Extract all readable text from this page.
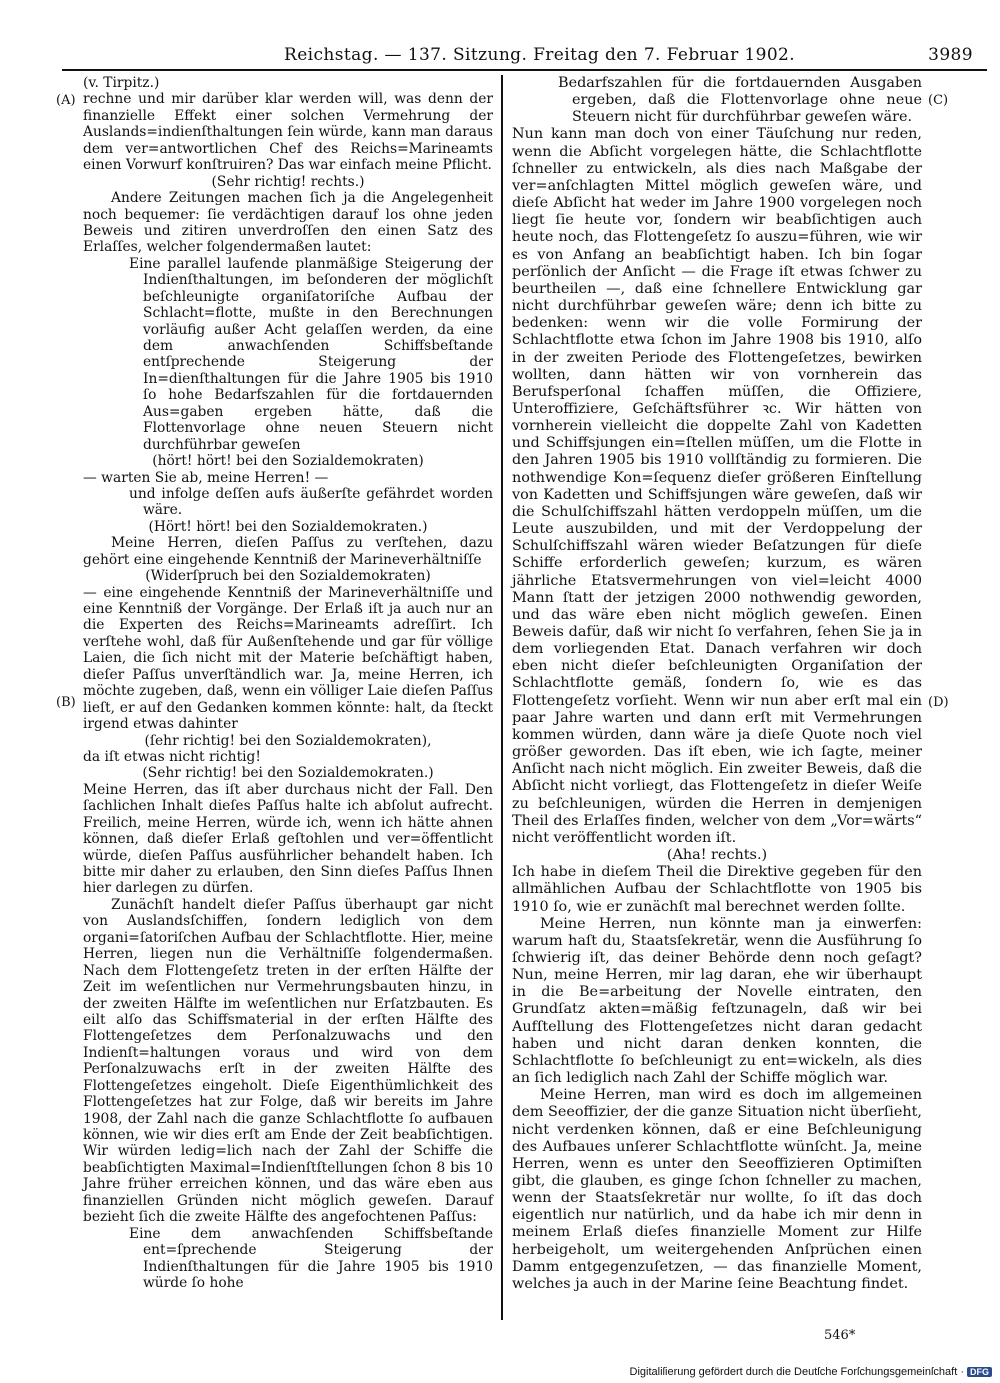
Reichstag. — 137. Sitzung. Freitag den 7. Februar 1902.	3989
(A)
(B)
(C)
(D)

(v. Tirpitz.)

rechne und mir darüber klar werden will, was denn der finanzielle Effekt einer solchen Vermehrung der Auslands=indienſthaltungen ſein würde, kann man daraus dem ver=antwortlichen Chef des Reichs=Marineamts einen Vorwurf konſtruiren? Das war einfach meine Pflicht.

(Sehr richtig! rechts.)

Andere Zeitungen machen ſich ja die Angelegenheit noch bequemer: ſie verdächtigen darauf los ohne jeden Beweis und zitiren unverdroſſen den einen Satz des Erlaſſes, welcher folgendermaßen lautet:

Eine parallel laufende planmäßige Steigerung der Indienſthaltungen, im beſonderen der möglichſt beſchleunigte organiſatoriſche Aufbau der Schlacht=flotte, mußte in den Berechnungen vorläufig außer Acht gelaſſen werden, da eine dem anwachſenden Schiffsbeſtande entſprechende Steigerung der In=dienſthaltungen für die Jahre 1905 bis 1910 ſo hohe Bedarfszahlen für die fortdauernden Aus=gaben ergeben hätte, daß die Flottenvorlage ohne neuen Steuern nicht durchführbar geweſen

(hört! hört! bei den Sozialdemokraten)

— warten Sie ab, meine Herren! —

und infolge deſſen aufs äußerſte gefährdet worden wäre.

(Hört! hört! bei den Sozialdemokraten.)

Meine Herren, dieſen Paſſus zu verſtehen, dazu gehört eine eingehende Kenntniß der Marineverhältniſſe

(Widerſpruch bei den Sozialdemokraten)

— eine eingehende Kenntniß der Marineverhältniſſe und eine Kenntniß der Vorgänge. Der Erlaß iſt ja auch nur an die Experten des Reichs=Marineamts adreſſirt. Ich verſtehe wohl, daß für Außenſtehende und gar für völlige Laien, die ſich nicht mit der Materie beſchäftigt haben, dieſer Paſſus unverſtändlich war. Ja, meine Herren, ich möchte zugeben, daß, wenn ein völliger Laie dieſen Paſſus lieſt, er auf den Gedanken kommen könnte: halt, da ſteckt irgend etwas dahinter

(ſehr richtig! bei den Sozialdemokraten),

da iſt etwas nicht richtig!

(Sehr richtig! bei den Sozialdemokraten.)

Meine Herren, das iſt aber durchaus nicht der Fall. Den ſachlichen Inhalt dieſes Paſſus halte ich abſolut aufrecht. Freilich, meine Herren, würde ich, wenn ich hätte ahnen können, daß dieſer Erlaß geſtohlen und ver=öffentlicht würde, dieſen Paſſus ausführlicher behandelt haben. Ich bitte mir daher zu erlauben, den Sinn dieſes Paſſus Ihnen hier darlegen zu dürfen.

Zunächſt handelt dieſer Paſſus überhaupt gar nicht von Auslandsſchiffen, ſondern lediglich von dem organi=ſatoriſchen Aufbau der Schlachtflotte. Hier, meine Herren, liegen nun die Verhältniſſe folgendermaßen. Nach dem Flottengeſetz treten in der erſten Hälfte der Zeit im weſentlichen nur Vermehrungsbauten hinzu, in der zweiten Hälfte im weſentlichen nur Erſatzbauten. Es eilt alſo das Schiffsmaterial in der erſten Hälfte des Flottengeſetzes dem Perſonalzuwachs und den Indienſt=haltungen voraus und wird von dem Perſonalzuwachs erſt in der zweiten Hälfte des Flottengeſetzes eingeholt. Dieſe Eigenthümlichkeit des Flottengeſetzes hat zur Folge, daß wir bereits im Jahre 1908, der Zahl nach die ganze Schlachtflotte ſo aufbauen können, wie wir dies erſt am Ende der Zeit beabſichtigen. Wir würden ledig=lich nach der Zahl der Schiffe die beabſichtigten Maximal=Indienſtſtellungen ſchon 8 bis 10 Jahre früher erreichen können, und das wäre eben aus finanziellen Gründen nicht möglich geweſen. Darauf bezieht ſich die zweite Hälfte des angefochtenen Paſſus:

Eine dem anwachſenden Schiffsbeſtande ent=ſprechende Steigerung der Indienſthaltungen für die Jahre 1905 bis 1910 würde ſo hohe

Bedarfszahlen für die fortdauernden Ausgaben ergeben, daß die Flottenvorlage ohne neue Steuern nicht für durchführbar geweſen wäre.

Nun kann man doch von einer Täuſchung nur reden, wenn die Abſicht vorgelegen hätte, die Schlachtflotte ſchneller zu entwickeln, als dies nach Maßgabe der ver=anſchlagten Mittel möglich geweſen wäre, und dieſe Abſicht hat weder im Jahre 1900 vorgelegen noch liegt ſie heute vor, ſondern wir beabſichtigen auch heute noch, das Flottengeſetz ſo auszu=führen, wie wir es von Anfang an beabſichtigt haben. Ich bin ſogar perſönlich der Anſicht — die Frage iſt etwas ſchwer zu beurtheilen —, daß eine ſchnellere Entwicklung gar nicht durchführbar geweſen wäre; denn ich bitte zu bedenken: wenn wir die volle Formirung der Schlachtflotte etwa ſchon im Jahre 1908 bis 1910, alſo in der zweiten Periode des Flottengeſetzes, bewirken wollten, dann hätten wir von vornherein das Berufsperſonal ſchaffen müſſen, die Offiziere, Unteroffiziere, Geſchäftsführer ꝛc. Wir hätten von vornherein vielleicht die doppelte Zahl von Kadetten und Schiffsjungen ein=ſtellen müſſen, um die Flotte in den Jahren 1905 bis 1910 vollſtändig zu formieren. Die nothwendige Kon=ſequenz dieſer größeren Einſtellung von Kadetten und Schiffsjungen wäre geweſen, daß wir die Schulſchiffszahl hätten verdoppeln müſſen, um die Leute auszubilden, und mit der Verdoppelung der Schulſchiffszahl wären wieder Beſatzungen für dieſe Schiffe erforderlich geweſen; kurzum, es wären jährliche Etatsvermehrungen von viel=leicht 4000 Mann ſtatt der jetzigen 2000 nothwendig geworden, und das wäre eben nicht möglich geweſen. Einen Beweis dafür, daß wir nicht ſo verfahren, ſehen Sie ja in dem vorliegenden Etat. Danach verfahren wir doch eben nicht dieſer beſchleunigten Organiſation der Schlachtflotte gemäß, ſondern ſo, wie es das Flottengeſetz vorſieht. Wenn wir nun aber erſt mal ein paar Jahre warten und dann erſt mit Vermehrungen kommen würden, dann wäre ja dieſe Quote noch viel größer geworden. Das iſt eben, wie ich ſagte, meiner Anſicht nach nicht möglich. Ein zweiter Beweis, daß die Abſicht nicht vorliegt, das Flottengeſetz in dieſer Weiſe zu beſchleunigen, würden die Herren in demjenigen Theil des Erlaſſes finden, welcher von dem „Vor=wärts“ nicht veröffentlicht worden iſt.

(Aha! rechts.)

Ich habe in dieſem Theil die Direktive gegeben für den allmählichen Aufbau der Schlachtflotte von 1905 bis 1910 ſo, wie er zunächſt mal berechnet werden ſollte.

Meine Herren, nun könnte man ja einwerfen: warum haſt du, Staatsſekretär, wenn die Ausführung ſo ſchwierig iſt, das deiner Behörde denn noch geſagt? Nun, meine Herren, mir lag daran, ehe wir überhaupt in die Be=arbeitung der Novelle eintraten, den Grundſatz akten=mäßig feſtzunageln, daß wir bei Aufſtellung des Flottengeſetzes nicht daran gedacht haben und nicht daran denken konnten, die Schlachtflotte ſo beſchleunigt zu ent=wickeln, als dies an ſich lediglich nach Zahl der Schiffe möglich war.

Meine Herren, man wird es doch im allgemeinen dem Seeoffizier, der die ganze Situation nicht überſieht, nicht verdenken können, daß er eine Beſchleunigung des Aufbaues unſerer Schlachtflotte wünſcht. Ja, meine Herren, wenn es unter den Seeoffizieren Optimiſten gibt, die glauben, es ginge ſchon ſchneller zu machen, wenn der Staatsſekretär nur wollte, ſo iſt das doch eigentlich nur natürlich, und da habe ich mir denn in meinem Erlaß dieſes finanzielle Moment zur Hilfe herbeigeholt, um weitergehenden Anſprüchen einen Damm entgegenzuſetzen, — das finanzielle Moment, welches ja auch in der Marine ſeine Beachtung findet.

546*
Digitaliſierung gefördert durch die Deutſche Forſchungsgemeinſchaft · DFG
